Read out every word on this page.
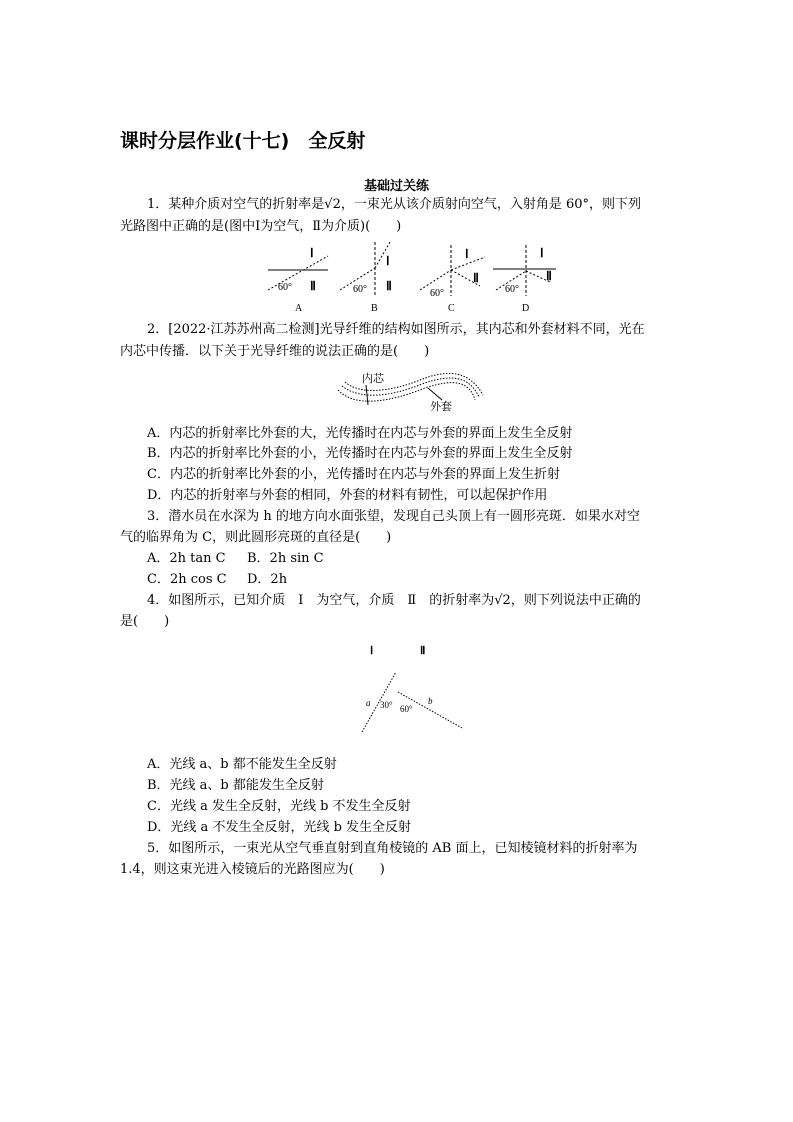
课时分层作业(十七)　全反射
基础过关练
1．某种介质对空气的折射率是√2，一束光从该介质射向空气，入射角是 60°，则下列
光路图中正确的是(图中Ⅰ为空气，Ⅱ为介质)(　　)
60°	60°	60°	60°
Ⅰ
Ⅱ
Ⅰ
Ⅱ
Ⅰ
Ⅱ
Ⅰ
Ⅱ
A	B	C	D
2．[2022·江苏苏州高二检测]光导纤维的结构如图所示，其内芯和外套材料不同，光在
内芯中传播．以下关于光导纤维的说法正确的是(　　)
内芯
外套
A．内芯的折射率比外套的大，光传播时在内芯与外套的界面上发生全反射
B．内芯的折射率比外套的小，光传播时在内芯与外套的界面上发生全反射
C．内芯的折射率比外套的小，光传播时在内芯与外套的界面上发生折射
D．内芯的折射率与外套的相同，外套的材料有韧性，可以起保护作用
3．潜水员在水深为 h 的地方向水面张望，发现自己头顶上有一圆形亮斑．如果水对空
气的临界角为 C，则此圆形亮斑的直径是(　　)
A．2h tan C B．2h sin C
C．2h cos C D．2h
4．如图所示，已知介质　Ⅰ　为空气，介质　Ⅱ　的折射率为√2，则下列说法中正确的
是(　　)
Ⅰ	Ⅱ
a 30° 60°
b
A．光线 a、b 都不能发生全反射
B．光线 a、b 都能发生全反射
C．光线 a 发生全反射，光线 b 不发生全反射
D．光线 a 不发生全反射，光线 b 发生全反射
5．如图所示，一束光从空气垂直射到直角棱镜的 AB 面上，已知棱镜材料的折射率为
1.4，则这束光进入棱镜后的光路图应为(　　)
